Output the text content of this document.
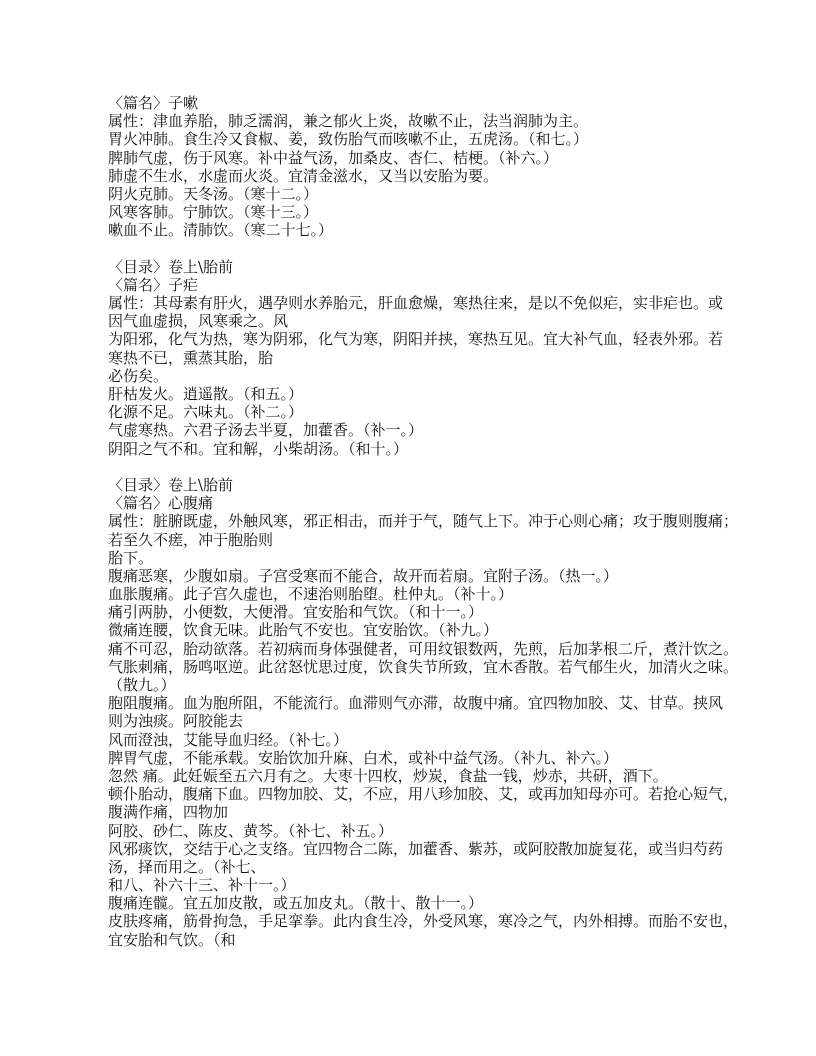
〈篇名〉子嗽
属性：津血养胎，肺乏濡润，兼之郁火上炎，故嗽不止，法当润肺为主。
胃火冲肺。食生冷又食椒、姜，致伤胎气而咳嗽不止，五虎汤。（和七。）
脾肺气虚，伤于风寒。补中益气汤，加桑皮、杏仁、桔梗。（补六。）
肺虚不生水，水虚而火炎。宜清金滋水，又当以安胎为要。
阴火克肺。天冬汤。（寒十二。）
风寒客肺。宁肺饮。（寒十三。）
嗽血不止。清肺饮。（寒二十七。）
〈目录〉卷上\胎前
〈篇名〉子疟
属性：其母素有肝火，遇孕则水养胎元，肝血愈燥，寒热往来，是以不免似疟，实非疟也。或
因气血虚损，风寒乘之。风
为阳邪，化气为热，寒为阴邪，化气为寒，阴阳并挟，寒热互见。宜大补气血，轻表外邪。若
寒热不已，熏蒸其胎，胎
必伤矣。
肝枯发火。逍遥散。（和五。）
化源不足。六味丸。（补二。）
气虚寒热。六君子汤去半夏，加藿香。（补一。）
阴阳之气不和。宜和解，小柴胡汤。（和十。）
〈目录〉卷上\胎前
〈篇名〉心腹痛
属性：脏腑既虚，外触风寒，邪正相击，而并于气，随气上下。冲于心则心痛；攻于腹则腹痛；
若至久不瘥，冲于胞胎则
胎下。
腹痛恶寒，少腹如扇。子宫受寒而不能合，故开而若扇。宜附子汤。（热一。）
血胀腹痛。此子宫久虚也，不速治则胎堕。杜仲丸。（补十。）
痛引两胁，小便数，大便滑。宜安胎和气饮。（和十一。）
微痛连腰，饮食无味。此胎气不安也。宜安胎饮。（补九。）
痛不可忍，胎动欲落。若初病而身体强健者，可用纹银数两，先煎，后加茅根二斤，煮汁饮之。
气胀刺痛，肠鸣呕逆。此岔怒忧思过度，饮食失节所致，宜木香散。若气郁生火，加清火之味。
（散九。）
胞阻腹痛。血为胞所阻，不能流行。血滞则气亦滞，故腹中痛。宜四物加胶、艾、甘草。挟风
则为浊痰。阿胶能去
风而澄浊，艾能导血归经。（补七。）
脾胃气虚，不能承载。安胎饮加升麻、白术，或补中益气汤。（补九、补六。）
忽然 痛。此妊娠至五六月有之。大枣十四枚，炒炭，食盐一钱，炒赤，共研，酒下。
顿仆胎动，腹痛下血。四物加胶、艾，不应，用八珍加胶、艾，或再加知母亦可。若抢心短气，
腹满作痛，四物加
阿胶、砂仁、陈皮、黄芩。（补七、补五。）
风邪痰饮，交结于心之支络。宜四物合二陈，加藿香、紫苏，或阿胶散加旋复花，或当归芍药
汤，择而用之。（补七、
和八、补六十三、补十一。）
腹痛连髋。宜五加皮散，或五加皮丸。（散十、散十一。）
皮肤疼痛，筋骨拘急，手足挛拳。此内食生冷，外受风寒，寒冷之气，内外相搏。而胎不安也，
宜安胎和气饮。（和
